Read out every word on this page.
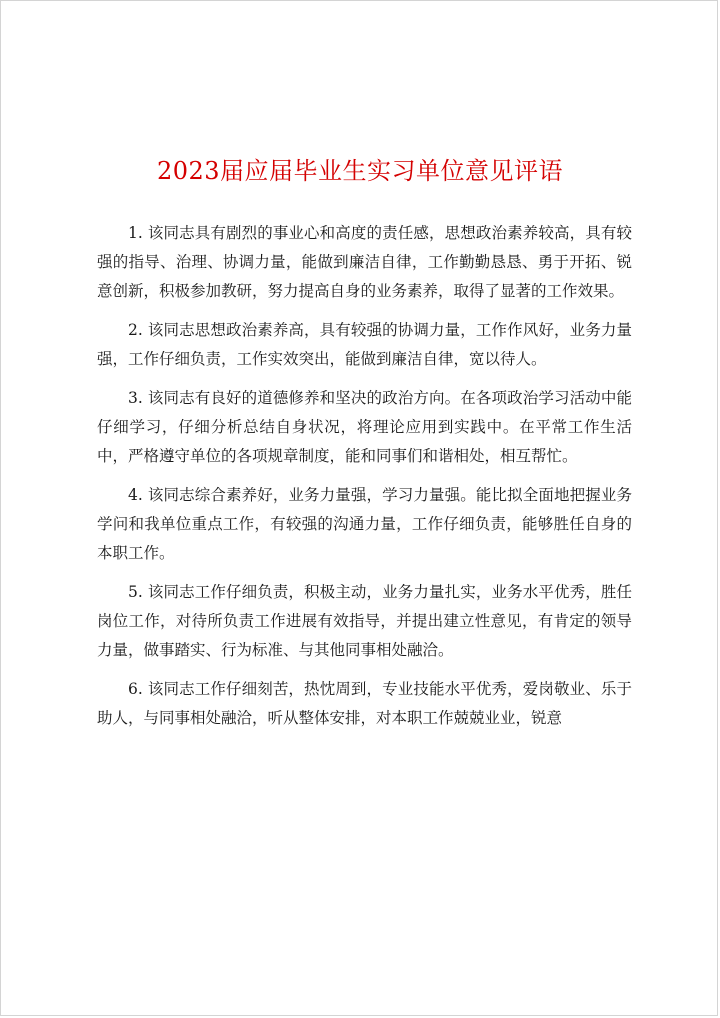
2023届应届毕业生实习单位意见评语

1. 该同志具有剧烈的事业心和高度的责任感，思想政治素养较高，具有较强的指导、治理、协调力量，能做到廉洁自律，工作勤勤恳恳、勇于开拓、锐意创新，积极参加教研，努力提高自身的业务素养，取得了显著的工作效果。

2. 该同志思想政治素养高，具有较强的协调力量，工作作风好，业务力量强，工作仔细负责，工作实效突出，能做到廉洁自律，宽以待人。

3. 该同志有良好的道德修养和坚决的政治方向。在各项政治学习活动中能仔细学习，仔细分析总结自身状况，将理论应用到实践中。在平常工作生活中，严格遵守单位的各项规章制度，能和同事们和谐相处，相互帮忙。

4. 该同志综合素养好，业务力量强，学习力量强。能比拟全面地把握业务学问和我单位重点工作，有较强的沟通力量，工作仔细负责，能够胜任自身的本职工作。

5. 该同志工作仔细负责，积极主动，业务力量扎实，业务水平优秀，胜任岗位工作，对待所负责工作进展有效指导，并提出建立性意见，有肯定的领导力量，做事踏实、行为标准、与其他同事相处融洽。

6. 该同志工作仔细刻苦，热忱周到，专业技能水平优秀，爱岗敬业、乐于助人，与同事相处融洽，听从整体安排，对本职工作兢兢业业，锐意
